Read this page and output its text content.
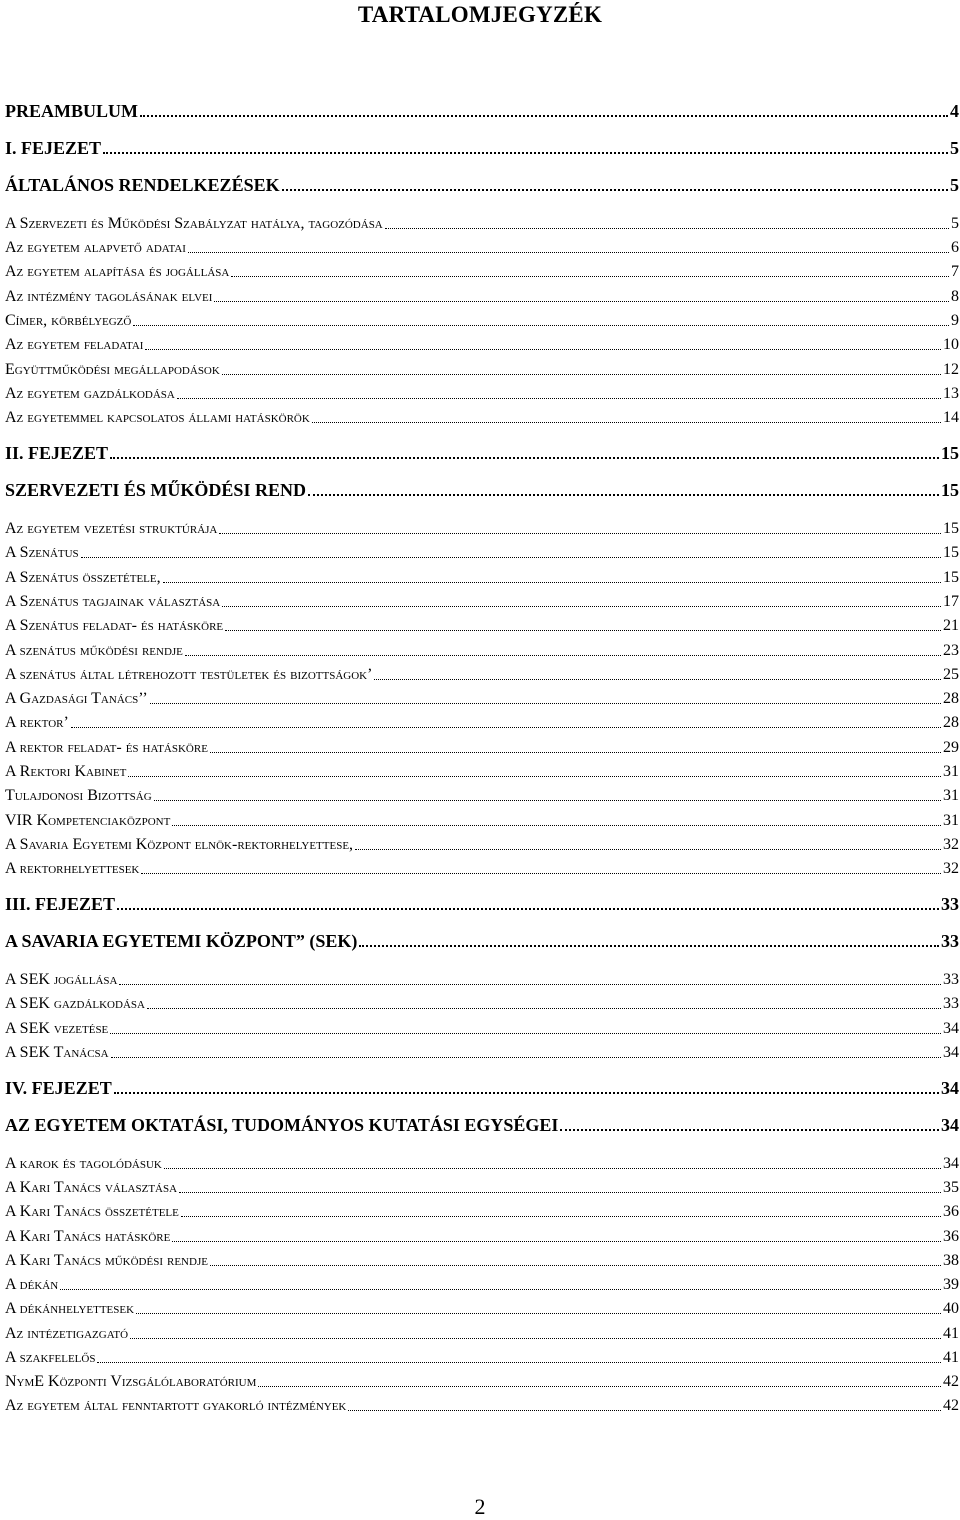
TARTALOMJEGYZÉK
PREAMBULUM	4
I. FEJEZET	5
ÁLTALÁNOS RENDELKEZÉSEK	5
A Szervezeti és Működési Szabályzat hatálya, tagozódása	5
Az egyetem alapvető adatai	6
Az egyetem alapítása és jogállása	7
Az intézmény tagolásának elvei	8
Címer, körbélyegző	9
Az egyetem feladatai	10
Együttműködési megállapodások	12
Az egyetem gazdálkodása	13
Az egyetemmel kapcsolatos állami hatáskörök	14
II. FEJEZET	15
SZERVEZETI ÉS MŰKÖDÉSI REND	15
Az egyetem vezetési struktúrája	15
A Szenátus	15
A Szenátus összetétele,	15
A Szenátus tagjainak választása	17
A Szenátus feladat- és hatásköre	21
A szenátus működési rendje	23
A szenátus által létrehozott testületek és bizottságok’	25
A Gazdasági Tanács’’	28
A rektor’	28
A rektor feladat- és hatásköre	29
A Rektori Kabinet	31
Tulajdonosi Bizottság	31
VIR Kompetenciaközpont	31
A Savaria Egyetemi Központ elnök-rektorhelyettese,	32
A rektorhelyettesek	32
III. FEJEZET	33
A SAVARIA EGYETEMI KÖZPONT” (SEK)	33
A SEK jogállása	33
A SEK gazdálkodása	33
A SEK vezetése	34
A SEK Tanácsa	34
IV. FEJEZET	34
AZ EGYETEM OKTATÁSI, TUDOMÁNYOS KUTATÁSI EGYSÉGEI	34
A karok és tagolódásuk	34
A Kari Tanács választása	35
A Kari Tanács összetétele	36
A Kari Tanács hatásköre	36
A Kari Tanács működési rendje	38
A dékán	39
A dékánhelyettesek	40
Az intézetigazgató	41
A szakfelelős	41
NymE Központi Vizsgálólaboratórium	42
Az egyetem által fenntartott gyakorló intézmények	42
2
